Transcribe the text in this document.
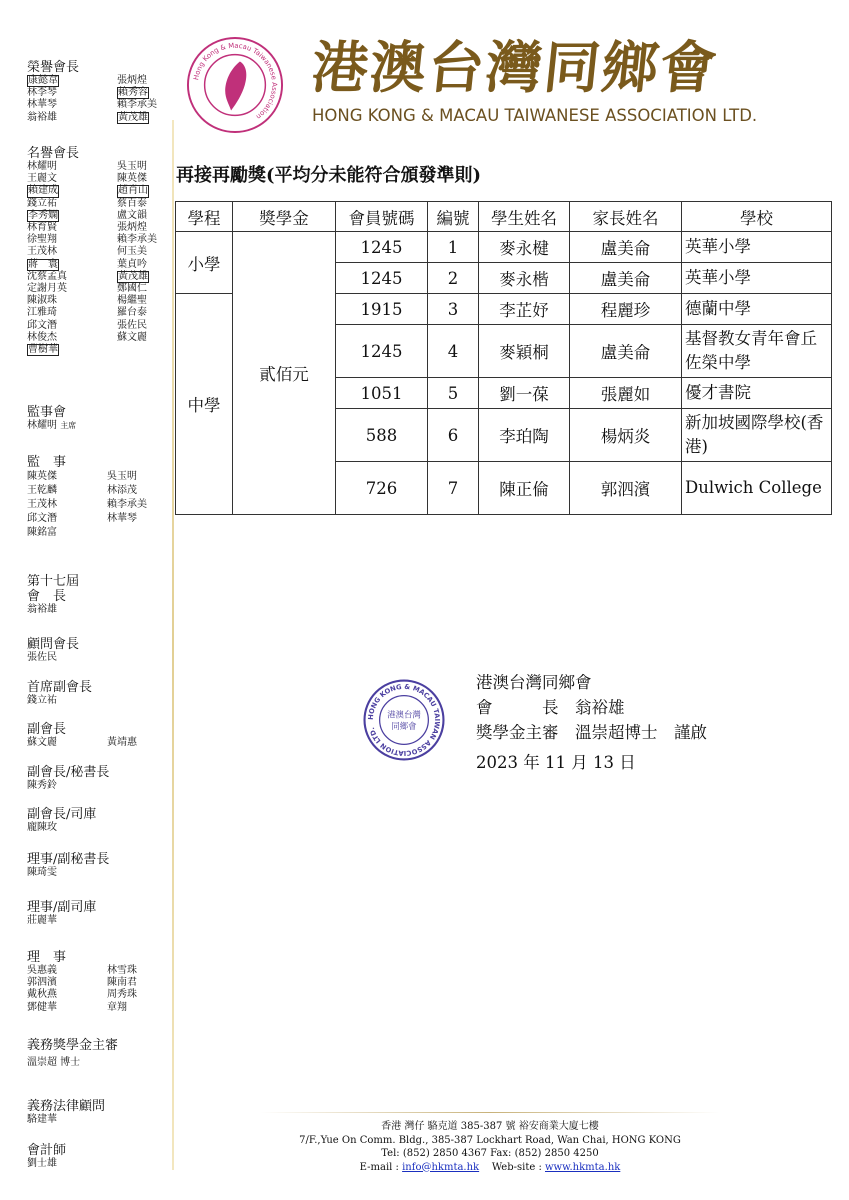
榮譽會長
康懿韋	張炳煌
林李琴	賴秀容
林華琴	賴李承美
翁裕雄	黃茂雄
名譽會長
林耀明	吳玉明
王麗文	陳英傑
賴建成	趙肖山
錢立祐	蔡百泰
李秀嫻	盧文韻
林育賢	張炳煌
徐聖翔	賴李承美
王茂林	何玉美
蔣　寰	葉貞吟
沈蔡孟真	黃茂雄
定謝月英	鄭國仁
陳淑珠	楊繼聖
江雅琦	羅台泰
邱文潛	張佐民
林俊杰	蘇文麗
曹樹華
監事會
林耀明 主席
監　事
陳英傑	吳玉明
王乾麟	林添茂
王茂林	賴李承美
邱文潛	林華琴
陳銘富
第十七屆
會　長
翁裕雄
顧問會長
張佐民
首席副會長
錢立祐
副會長
蘇文麗	黃靖惠
副會長/秘書長
陳秀鈴
副會長/司庫
龐陳玫
理事/副秘書長
陳琦雯
理事/副司庫
莊麗華
理　事
吳惠義	林雪珠
郭泗濱	陳南君
戴秋燕	周秀珠
鄧健華	章翔
義務獎學金主審
溫崇超 博士
義務法律顧問
駱建華
會計師
劉士雄
Hong Kong & Macau Taiwanese Association
港澳台灣同鄉會
HONG KONG & MACAU TAIWANESE ASSOCIATION LTD.
再接再勵獎(平均分未能符合頒發準則)
學程	獎學金	會員號碼	編號	學生姓名	家長姓名	學校
小學	貳佰元	1245	1	麥永楗	盧美侖	英華小學
		1245	2	麥永楷	盧美侖	英華小學
中學		1915	3	李芷妤	程麗珍	德蘭中學
		1245	4	麥穎桐	盧美侖	基督教女青年會丘佐榮中學
		1051	5	劉一葆	張麗如	優才書院
		588	6	李珀陶	楊炳炎	新加坡國際學校(香港)
		726	7	陳正倫	郭泗濱	Dulwich College
HONG KONG & MACAU TAIWAN ASSOCIATION LTD.
港澳台灣
同鄉會
港澳台灣同鄉會
會　　　長　翁裕雄
獎學金主審　溫崇超博士　謹啟
2023 年 11 月 13 日
香港 灣仔 駱克道 385-387 號 裕安商業大廈七樓
7/F.,Yue On Comm. Bldg., 385-387 Lockhart Road, Wan Chai, HONG KONG
Tel: (852) 2850 4367 Fax: (852) 2850 4250
E-mail : info@hkmta.hk Web-site : www.hkmta.hk
